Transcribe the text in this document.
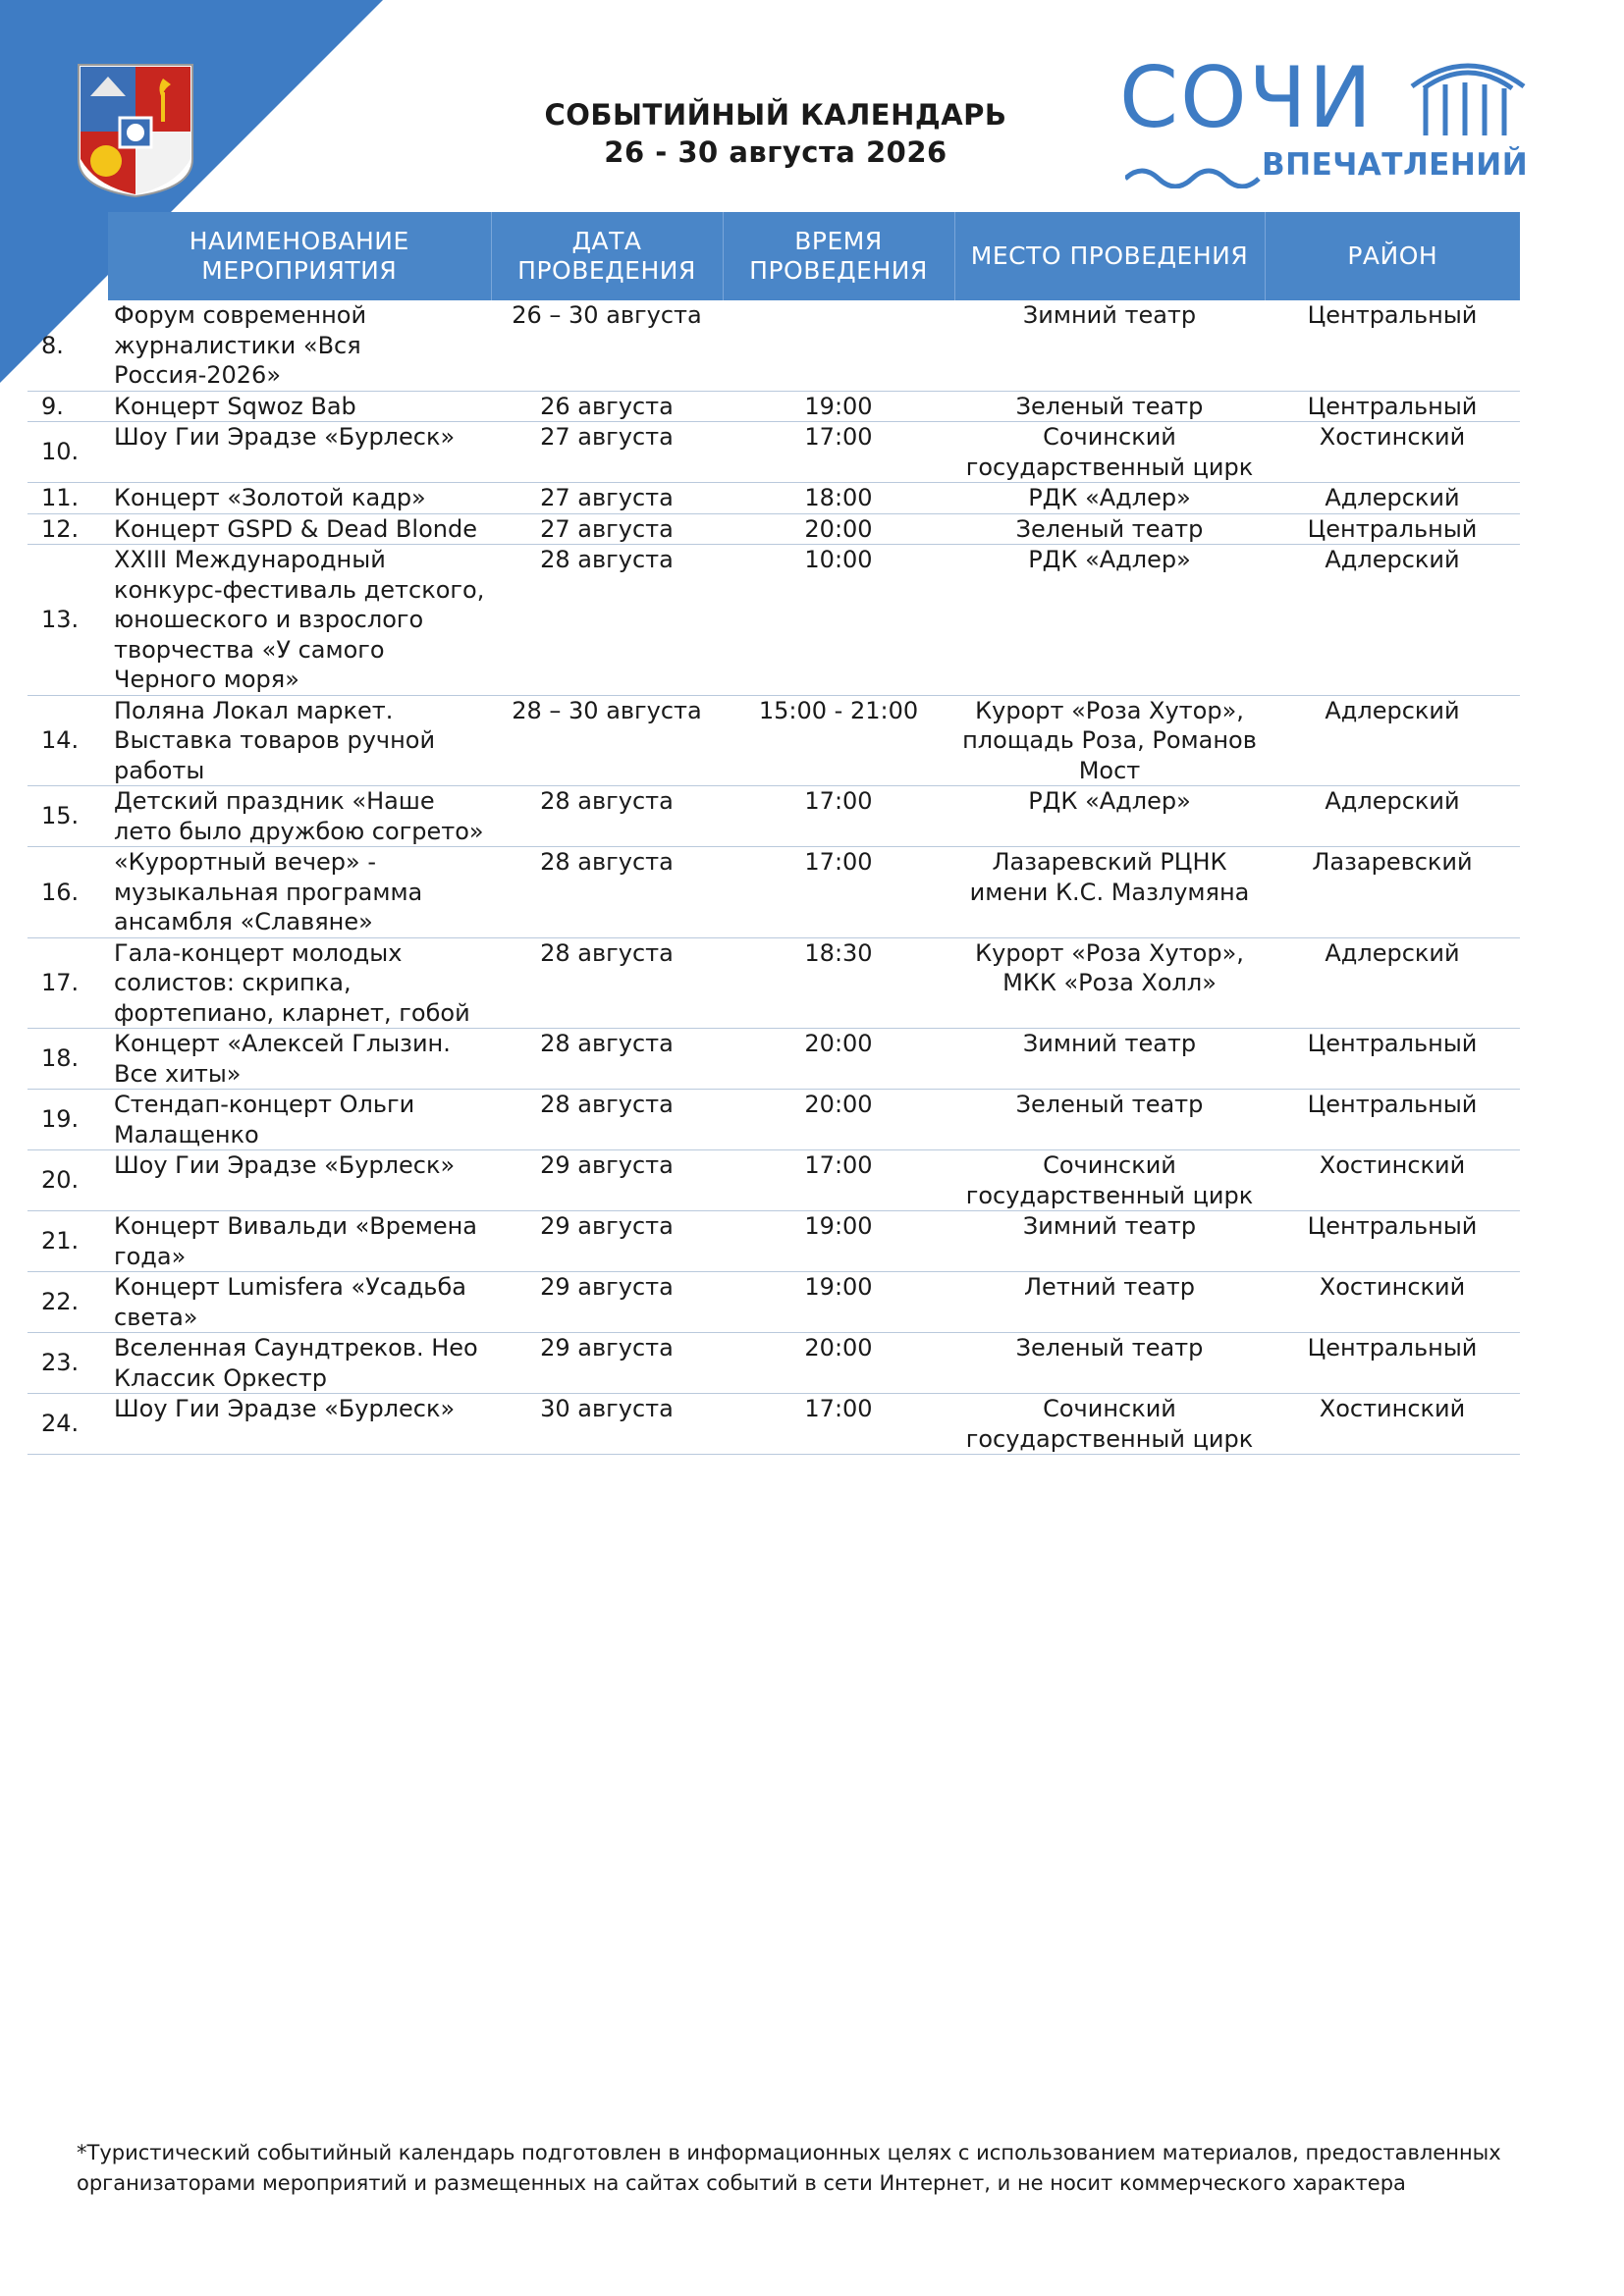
СОБЫТИЙНЫЙ КАЛЕНДАРЬ
26 - 30 августа 2026
СОЧИ
ВПЕЧАТЛЕНИЙ
	НАИМЕНОВАНИЕ МЕРОПРИЯТИЯ	ДАТА ПРОВЕДЕНИЯ	ВРЕМЯ ПРОВЕДЕНИЯ	МЕСТО ПРОВЕДЕНИЯ	РАЙОН
8.	Форум современной журналистики «Вся Россия-2026»	26 – 30 августа		Зимний театр	Центральный
9.	Концерт Sqwoz Bab	26 августа	19:00	Зеленый театр	Центральный
10.	Шоу Гии Эрадзе «Бурлеск»	27 августа	17:00	Сочинский государственный цирк	Хостинский
11.	Концерт «Золотой кадр»	27 августа	18:00	РДК «Адлер»	Адлерский
12.	Концерт GSPD & Dead Blonde	27 августа	20:00	Зеленый театр	Центральный
13.	XXIII Международный конкурс-фестиваль детского, юношеского и взрослого творчества «У самого Черного моря»	28 августа	10:00	РДК «Адлер»	Адлерский
14.	Поляна Локал маркет. Выставка товаров ручной работы	28 – 30 августа	15:00 - 21:00	Курорт «Роза Хутор», площадь Роза, Романов Мост	Адлерский
15.	Детский праздник «Наше лето было дружбою согрето»	28 августа	17:00	РДК «Адлер»	Адлерский
16.	«Курортный вечер» - музыкальная программа ансамбля «Славяне»	28 августа	17:00	Лазаревский РЦНК имени К.С. Мазлумяна	Лазаревский
17.	Гала-концерт молодых солистов: скрипка, фортепиано, кларнет, гобой	28 августа	18:30	Курорт «Роза Хутор», МКК «Роза Холл»	Адлерский
18.	Концерт «Алексей Глызин. Все хиты»	28 августа	20:00	Зимний театр	Центральный
19.	Стендап-концерт Ольги Малащенко	28 августа	20:00	Зеленый театр	Центральный
20.	Шоу Гии Эрадзе «Бурлеск»	29 августа	17:00	Сочинский государственный цирк	Хостинский
21.	Концерт Вивальди «Времена года»	29 августа	19:00	Зимний театр	Центральный
22.	Концерт Lumisfera «Усадьба света»	29 августа	19:00	Летний театр	Хостинский
23.	Вселенная Саундтреков. Нео Классик Оркестр	29 августа	20:00	Зеленый театр	Центральный
24.	Шоу Гии Эрадзе «Бурлеск»	30 августа	17:00	Сочинский государственный цирк	Хостинский
*Туристический событийный календарь подготовлен в информационных целях с использованием материалов, предоставленных организаторами мероприятий и размещенных на сайтах событий в сети Интернет, и не носит коммерческого характера
